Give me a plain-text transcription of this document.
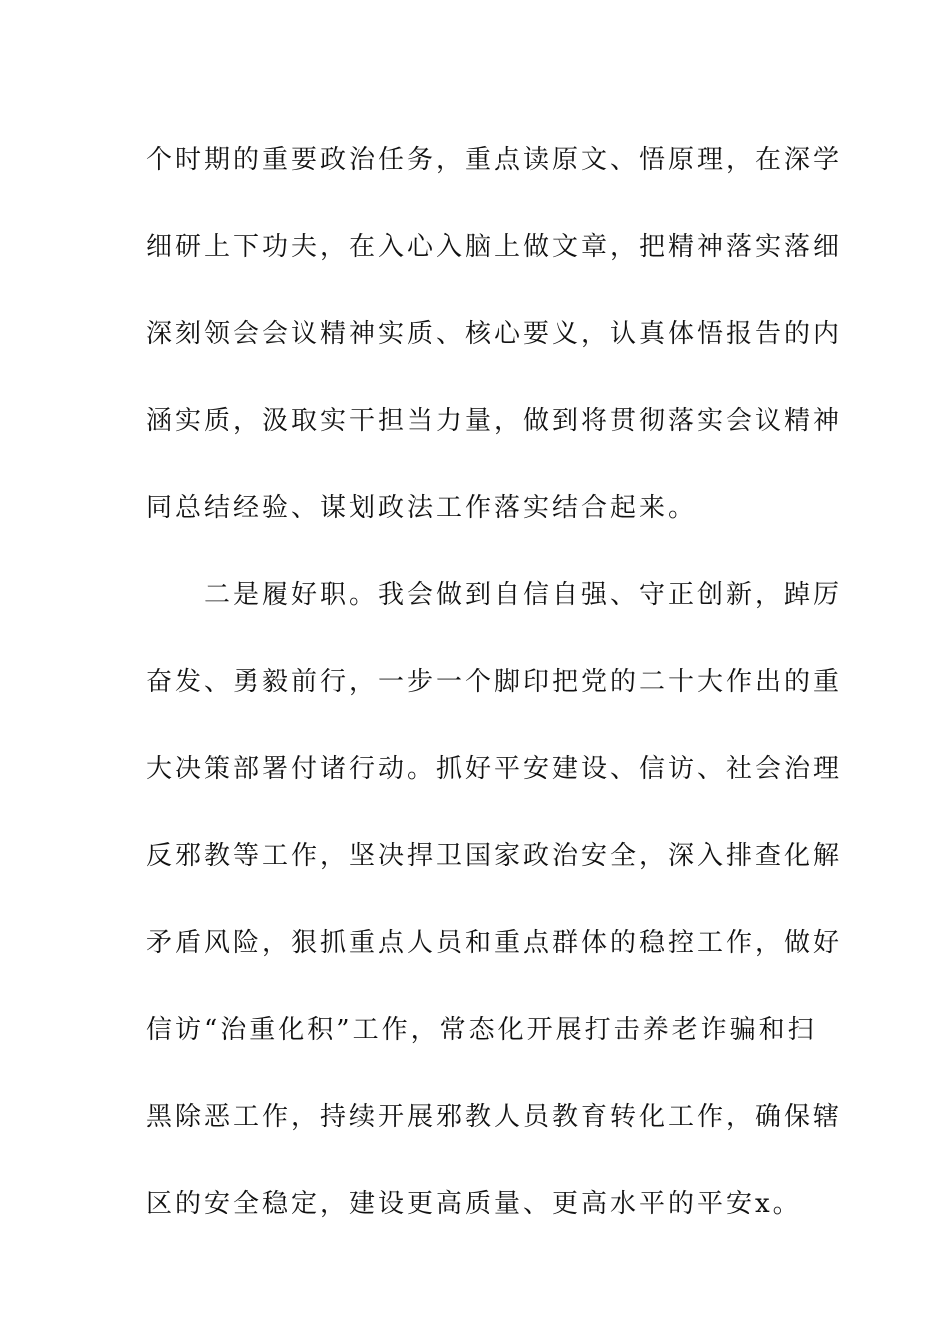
个时期的重要政治任务，重点读原文、悟原理，在深学
细研上下功夫，在入心入脑上做文章，把精神落实落细
深刻领会会议精神实质、核心要义，认真体悟报告的内
涵实质，汲取实干担当力量，做到将贯彻落实会议精神
同总结经验、谋划政法工作落实结合起来。
　　二是履好职。我会做到自信自强、守正创新，踔厉
奋发、勇毅前行，一步一个脚印把党的二十大作出的重
大决策部署付诸行动。抓好平安建设、信访、社会治理
反邪教等工作，坚决捍卫国家政治安全，深入排查化解
矛盾风险，狠抓重点人员和重点群体的稳控工作，做好
信访“治重化积”工作，常态化开展打击养老诈骗和扫
黑除恶工作，持续开展邪教人员教育转化工作，确保辖
区的安全稳定，建设更高质量、更高水平的平安x。
